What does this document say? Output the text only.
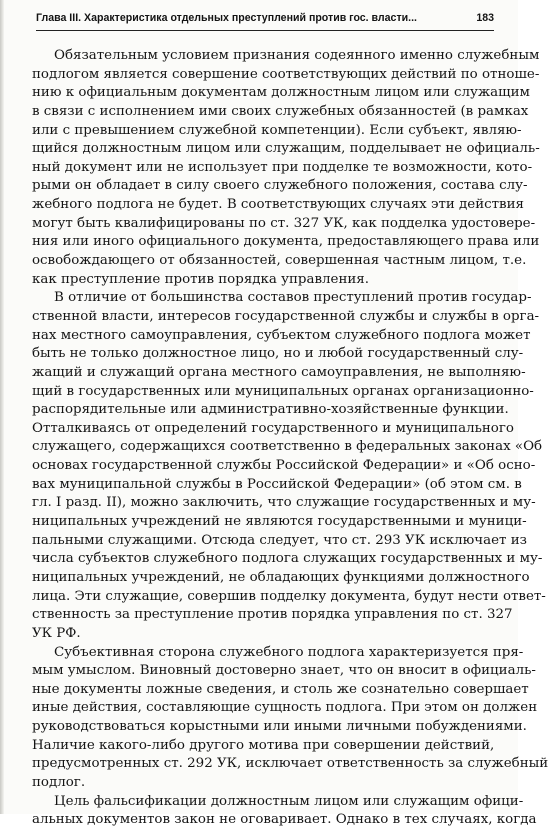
Глава III. Характеристика отдельных преступлений против гос. власти...	183
Обязательным условием признания содеянного именно служебным
подлогом является совершение соответствующих действий по отноше-
нию к официальным документам должностным лицом или служащим
в связи с исполнением ими своих служебных обязанностей (в рамках
или с превышением служебной компетенции). Если субъект, являю-
щийся должностным лицом или служащим, подделывает не официаль-
ный документ или не использует при подделке те возможности, кото-
рыми он обладает в силу своего служебного положения, состава слу-
жебного подлога не будет. В соответствующих случаях эти действия
могут быть квалифицированы по ст. 327 УК, как подделка удостовере-
ния или иного официального документа, предоставляющего права или
освобождающего от обязанностей, совершенная частным лицом, т.е.
как преступление против порядка управления.
В отличие от большинства составов преступлений против государ-
ственной власти, интересов государственной службы и службы в орга-
нах местного самоуправления, субъектом служебного подлога может
быть не только должностное лицо, но и любой государственный слу-
жащий и служащий органа местного самоуправления, не выполняю-
щий в государственных или муниципальных органах организационно-
распорядительные или административно-хозяйственные функции.
Отталкиваясь от определений государственного и муниципального
служащего, содержащихся соответственно в федеральных законах «Об
основах государственной службы Российской Федерации» и «Об осно-
вах муниципальной службы в Российской Федерации» (об этом см. в
гл. I разд. II), можно заключить, что служащие государственных и му-
ниципальных учреждений не являются государственными и муници-
пальными служащими. Отсюда следует, что ст. 293 УК исключает из
числа субъектов служебного подлога служащих государственных и му-
ниципальных учреждений, не обладающих функциями должностного
лица. Эти служащие, совершив подделку документа, будут нести ответ-
ственность за преступление против порядка управления по ст. 327
УК РФ.
Субъективная сторона служебного подлога характеризуется пря-
мым умыслом. Виновный достоверно знает, что он вносит в официаль-
ные документы ложные сведения, и столь же сознательно совершает
иные действия, составляющие сущность подлога. При этом он должен
руководствоваться корыстными или иными личными побуждениями.
Наличие какого-либо другого мотива при совершении действий,
предусмотренных ст. 292 УК, исключает ответственность за служебный
подлог.
Цель фальсификации должностным лицом или служащим офици-
альных документов закон не оговаривает. Однако в тех случаях, когда
